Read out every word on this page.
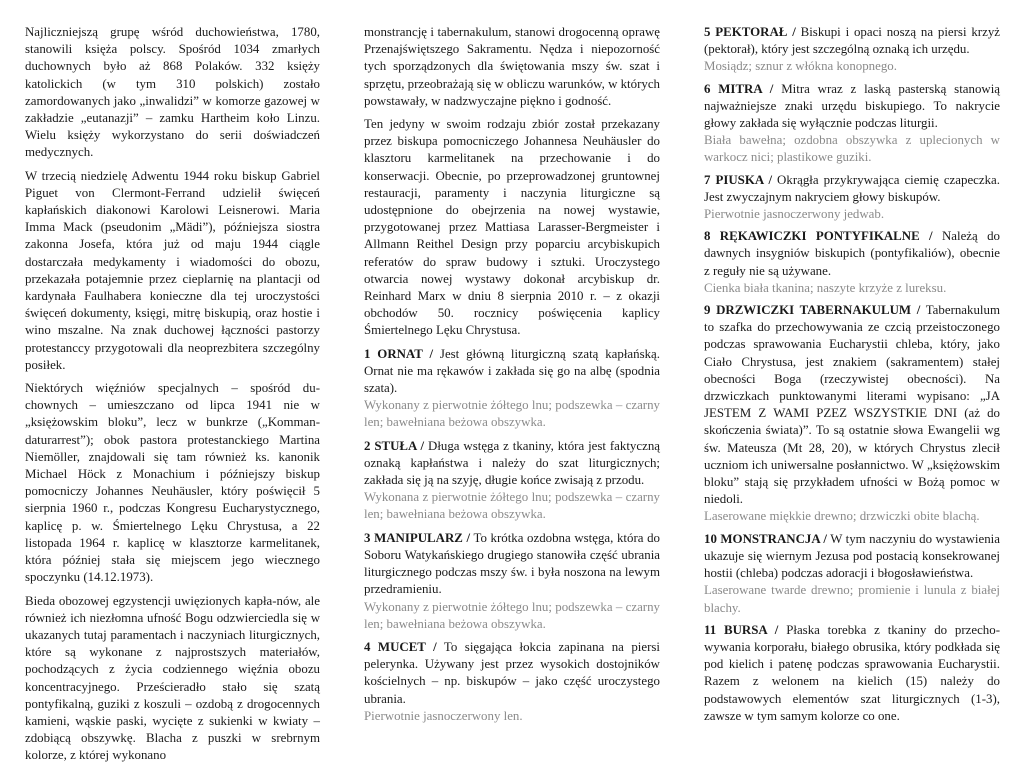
Najliczniejszą grupę wśród duchowieństwa, 1780, stanowili księża polscy. Spośród 1034 zmarłych duchownych było aż 868 Polaków. 332 księży katolickich (w tym 310 polskich) zostało zamordowanych jako „inwalidzi” w komorze gazowej w zakładzie „eutanazji” – zamku Hartheim koło Linzu. Wielu księży wykorzystano do serii doświadczeń medycznych.

W trzecią niedzielę Adwentu 1944 roku biskup Gabriel Piguet von Clermont-Ferrand udzielił święceń kapłańskich diakonowi Karolowi Leisnerowi. Maria Imma Mack (pseudonim „Mädi”), późniejsza siostra zakonna Josefa, która już od maju 1944 ciągle dostarczała medykamenty i wiadomości do obozu, przekazała potajemnie przez cieplarnię na plantacji od kardynała Faulhabera konieczne dla tej uroczystości święceń dokumenty, księgi, mitrę biskupią, oraz hostie i wino mszalne. Na znak duchowej łączności pastorzy protestanccy przygotowali dla neoprezbitera szczególny posiłek.

Niektórych więźniów specjalnych – spośród duchownych – umieszczano od lipca 1941 nie w „księżowskim bloku”, lecz w bunkrze („Kommandaturarrest”); obok pastora protestanckiego Martina Niemöller, znajdowali się tam również ks. kanonik Michael Höck z Monachium i późniejszy biskup pomocniczy Johannes Neuhäusler, który poświęcił 5 sierpnia 1960 r., podczas Kongresu Eucharystycznego, kaplicę p. w. Śmiertelnego Lęku Chrystusa, a 22 listopada 1964 r. kaplicę w klasztorze karmelitanek, która później stała się miejscem jego wiecznego spoczynku (14.12.1973).

Bieda obozowej egzystencji uwięzionych kapła-nów, ale również ich niezłomna ufność Bogu odzwierciedla się w ukazanych tutaj paramentach i naczyniach liturgicznych, które są wykonane z najprostszych materiałów, pochodzących z życia codziennego więźnia obozu koncentracyjnego. Prześcieradło stało się szatą pontyfikalną, guziki z koszuli – ozdobą z drogocennych kamieni, wąskie paski, wycięte z sukienki w kwiaty – zdobiącą obszywkę. Blacha z puszki w srebrnym kolorze, z której wykonano

monstrancję i tabernakulum, stanowi drogocenną oprawę Przenajświętszego Sakramentu. Nędza i niepozorność tych sporządzonych dla świętowania mszy św. szat i sprzętu, przeobrażają się w obliczu warunków, w których powstawały, w nadzwyczajne piękno i godność.

Ten jedyny w swoim rodzaju zbiór został przekazany przez biskupa pomocniczego Johannesa Neuhäusler do klasztoru karmelitanek na przechowanie i do konserwacji. Obecnie, po przeprowadzonej gruntownej restauracji, paramenty i naczynia liturgiczne są udostępnione do obejrzenia na nowej wystawie, przygotowanej przez Mattiasa Larasser-Bergmeister i Allmann Reithel Design przy poparciu arcybiskupich referatów do spraw budowy i sztuki. Uroczystego otwarcia nowej wystawy dokonał arcybiskup dr. Reinhard Marx w dniu 8 sierpnia 2010 r. – z okazji obchodów 50. rocznicy poświęcenia kaplicy Śmiertelnego Lęku Chrystusa.

1 ORNAT / Jest główną liturgiczną szatą kapłańską. Ornat nie ma rękawów i zakłada się go na albę (spodnia szata).

Wykonany z pierwotnie żółtego lnu; podszewka – czarny len; bawełniana beżowa obszywka.

2 STUŁA / Długa wstęga z tkaniny, która jest faktyczną oznaką kapłaństwa i należy do szat liturgicznych; zakłada się ją na szyję, długie końce zwisają z przodu.

Wykonana z pierwotnie żółtego lnu; podszewka – czarny len; bawełniana beżowa obszywka.

3 MANIPULARZ / To krótka ozdobna wstęga, która do Soboru Watykańskiego drugiego stanowiła część ubrania liturgicznego podczas mszy św. i była noszona na lewym przedramieniu.

Wykonany z pierwotnie żółtego lnu; podszewka – czarny len; bawełniana beżowa obszywka.

4 MUCET / To sięgająca łokcia zapinana na piersi pelerynka. Używany jest przez wysokich dostojników kościelnych – np. biskupów – jako część uroczystego ubrania.

Pierwotnie jasnoczerwony len.

5 PEKTORAŁ / Biskupi i opaci noszą na piersi krzyż (pektorał), który jest szczególną oznaką ich urzędu.

Mosiądz; sznur z włókna konopnego.

6 MITRA / Mitra wraz z laską pasterską stanowią najważniejsze znaki urzędu biskupiego. To nakrycie głowy zakłada się wyłącznie podczas liturgii.

Biała bawełna; ozdobna obszywka z uplecionych w warkocz nici; plastikowe guziki.

7 PIUSKA / Okrągła przykrywająca ciemię czapeczka. Jest zwyczajnym nakryciem głowy biskupów.

Pierwotnie jasnoczerwony jedwab.

8 RĘKAWICZKI PONTYFIKALNE / Należą do dawnych insygniów biskupich (pontyfikaliów), obecnie z reguły nie są używane.

Cienka biała tkanina; naszyte krzyże z lureksu.

9 DRZWICZKI TABERNAKULUM / Tabernakulum to szafka do przechowywania ze czcią przeistoczonego podczas sprawowania Eucharystii chleba, który, jako Ciało Chrystusa, jest znakiem (sakramentem) stałej obecności Boga (rzeczywistej obecności). Na drzwiczkach punktowanymi literami wypisano: „JA JESTEM Z WAMI PZEZ WSZYSTKIE DNI (aż do skończenia świata)”. To są ostatnie słowa Ewangelii wg św. Mateusza (Mt 28, 20), w których Chrystus zlecił uczniom ich uniwersalne posłannictwo. W „księżowskim bloku” stają się przykładem ufności w Bożą pomoc w niedoli.

Laserowane miękkie drewno; drzwiczki obite blachą.

10 MONSTRANCJA / W tym naczyniu do wystawienia ukazuje się wiernym Jezusa pod postacią konsekrowanej hostii (chleba) podczas adoracji i błogosławieństwa.

Laserowane twarde drewno; promienie i lunula z białej blachy.

11 BURSA / Płaska torebka z tkaniny do przechowywania korporału, białego obrusika, który podkłada się pod kielich i patenę podczas sprawowania Eucharystii. Razem z welonem na kielich (15) należy do podstawowych elementów szat liturgicznych (1-3), zawsze w tym samym kolorze co one.
